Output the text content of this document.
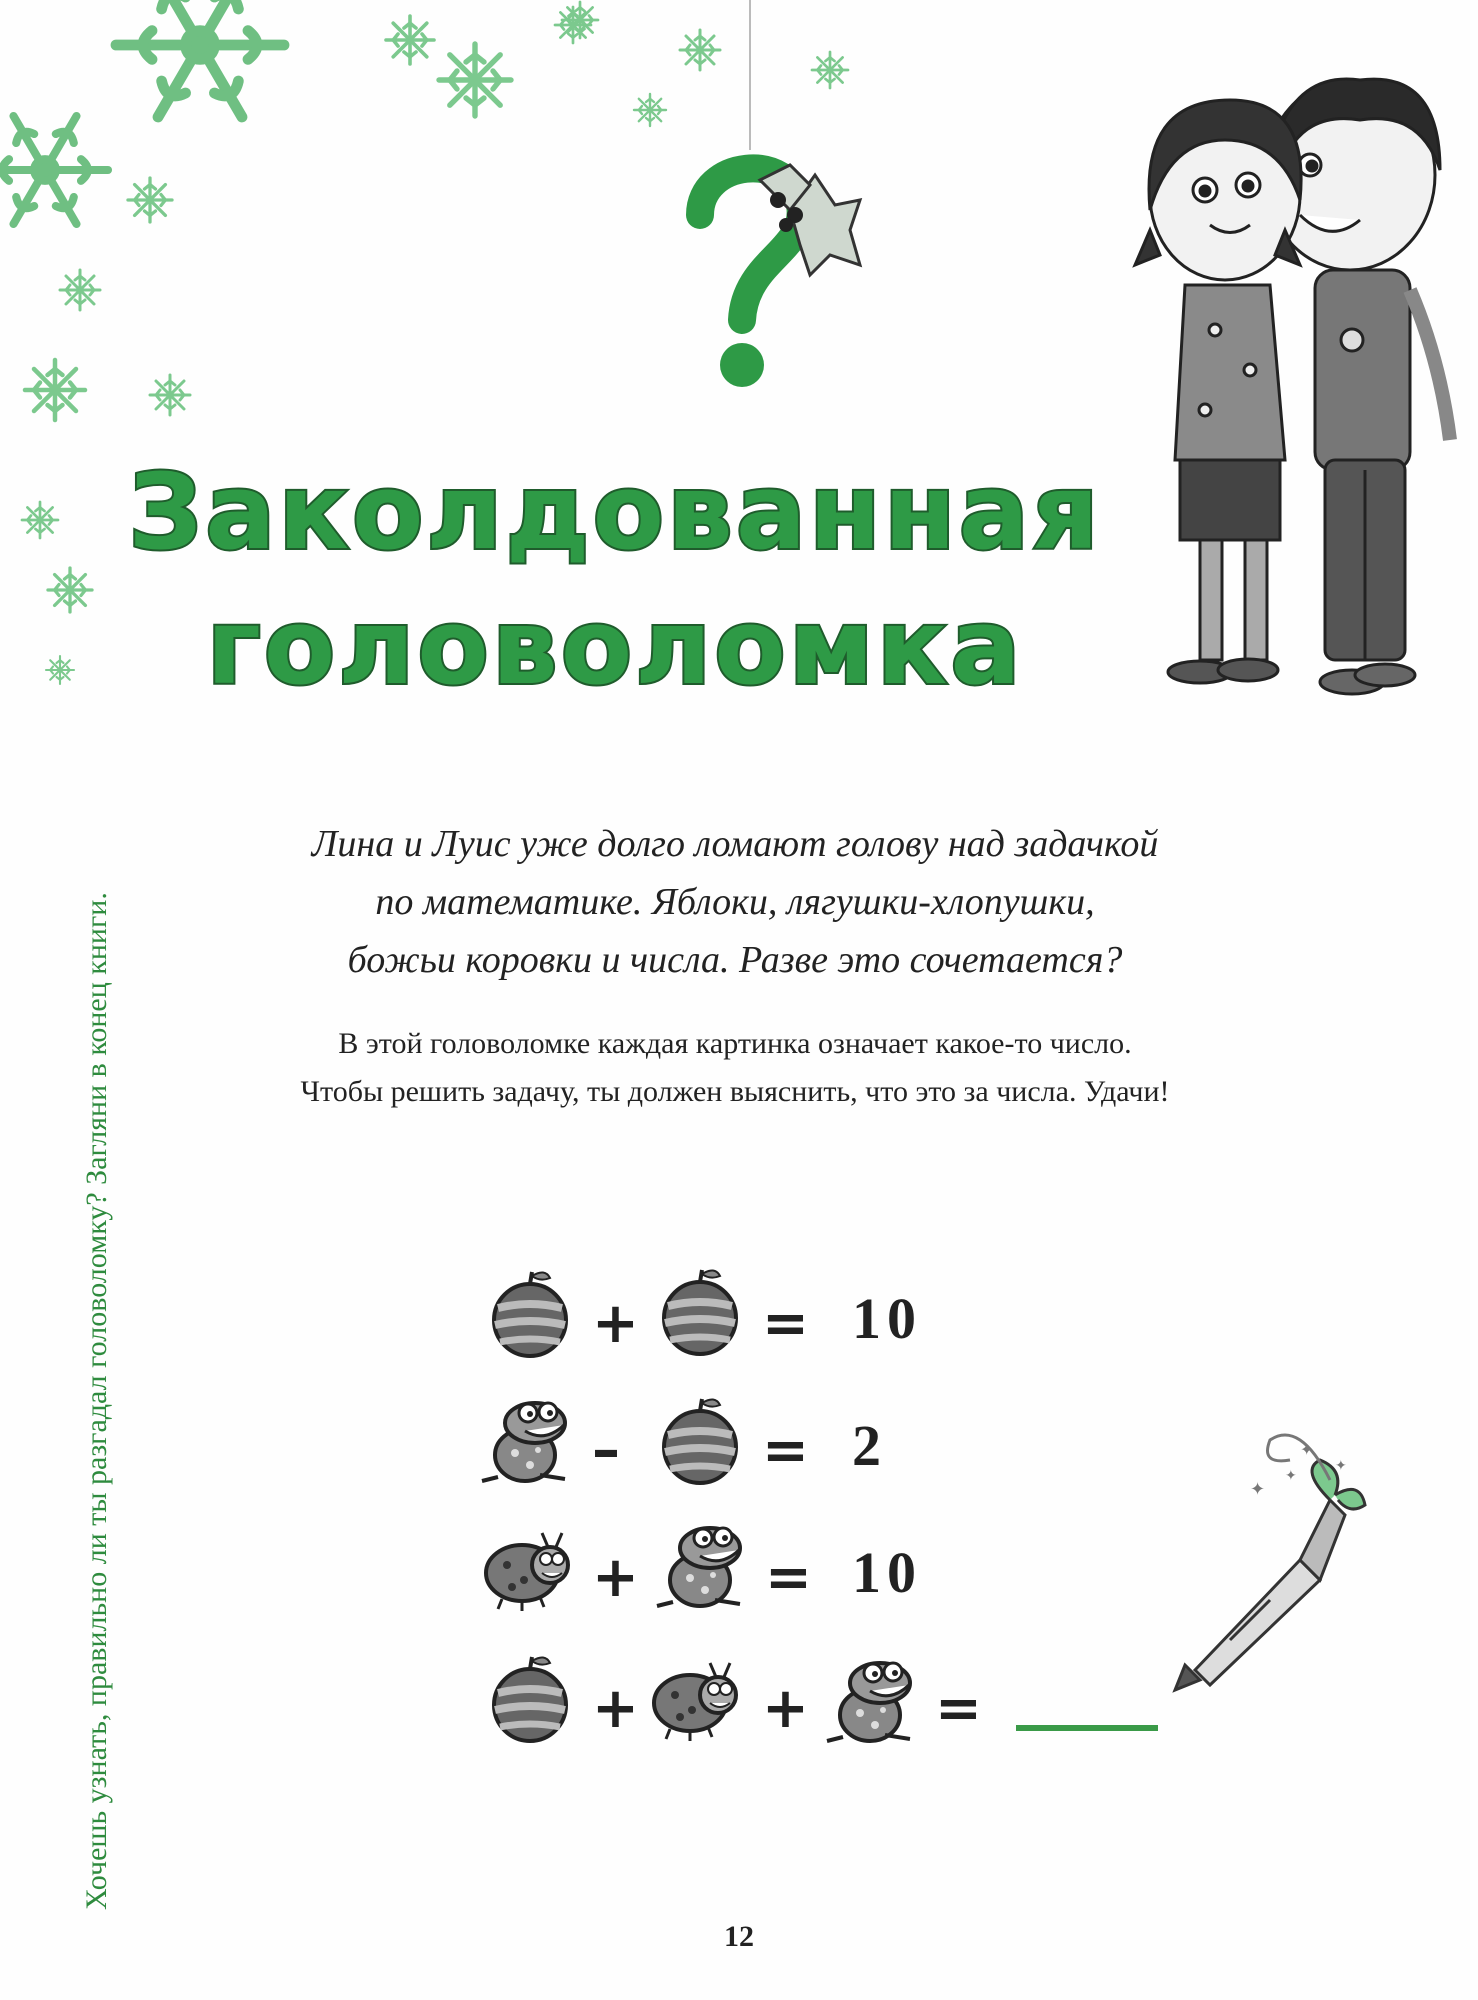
✦
✦
✦
✦
Заколдованная
головоломка
Лина и Луис уже долго ломают голову над задачкой
по математике. Яблоки, лягушки-хлопушки,
божьи коровки и числа. Разве это сочетается?
В этой головоломке каждая картинка означает какое-то число.
Чтобы решить задачу, ты должен выяснить, что это за числа. Удачи!
Хочешь узнать, правильно ли ты разгадал головоломку? Загляни в конец книги.	+ = 10
–	= 2
+ = 10
+ + =
12
